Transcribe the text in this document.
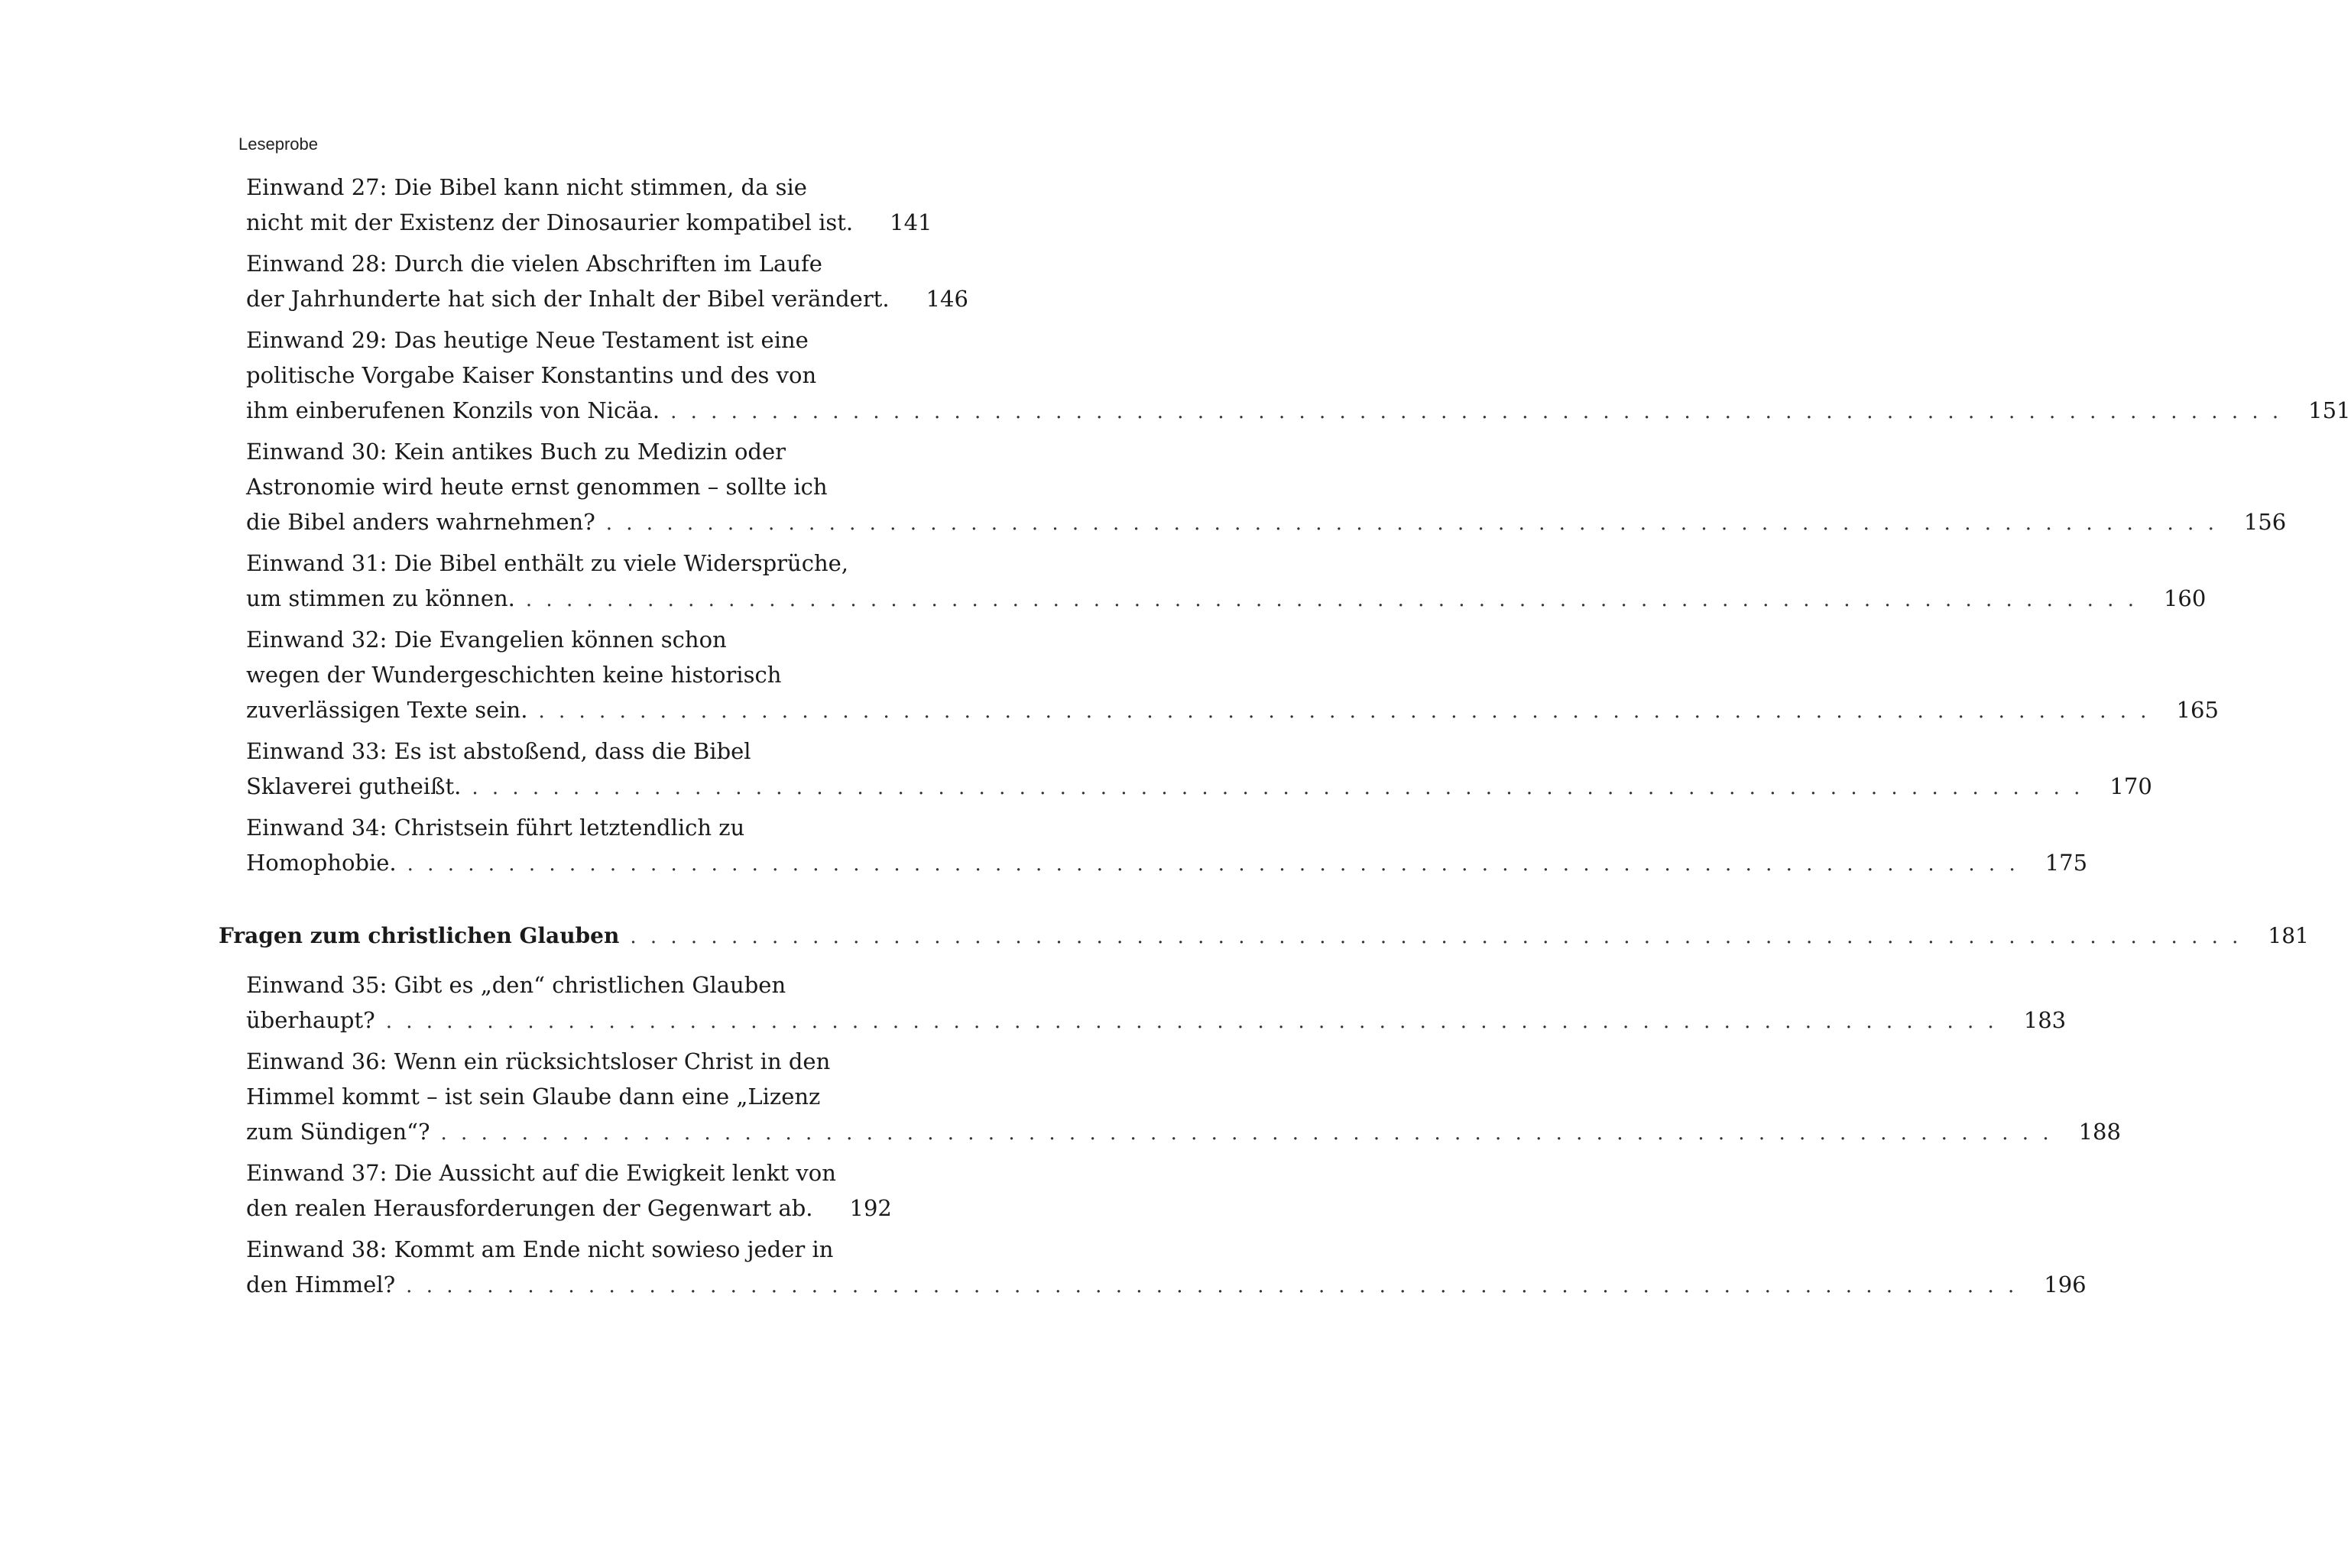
Leseprobe
Einwand 27: Die Bibel kann nicht stimmen, da sie
nicht mit der Existenz der Dinosaurier kompatibel ist. 141
Einwand 28: Durch die vielen Abschriften im Laufe
der Jahrhunderte hat sich der Inhalt der Bibel verändert. 146
Einwand 29: Das heutige Neue Testament ist eine
politische Vorgabe Kaiser Konstantins und des von
ihm einberufenen Konzils von Nicäa. . . . . . . . . . . . . . . . . . . . . . . . . . . . . . . . . . . . . . . . . . . . . . . . . . . . . . . . . . . . . . . . . . . . . . . . . . . . . . . . . 151
Einwand 30: Kein antikes Buch zu Medizin oder
Astronomie wird heute ernst genommen – sollte ich
die Bibel anders wahrnehmen? . . . . . . . . . . . . . . . . . . . . . . . . . . . . . . . . . . . . . . . . . . . . . . . . . . . . . . . . . . . . . . . . . . . . . . . . . . . . . . . . 156
Einwand 31: Die Bibel enthält zu viele Widersprüche,
um stimmen zu können. . . . . . . . . . . . . . . . . . . . . . . . . . . . . . . . . . . . . . . . . . . . . . . . . . . . . . . . . . . . . . . . . . . . . . . . . . . . . . . . . 160
Einwand 32: Die Evangelien können schon
wegen der Wundergeschichten keine historisch
zuverlässigen Texte sein. . . . . . . . . . . . . . . . . . . . . . . . . . . . . . . . . . . . . . . . . . . . . . . . . . . . . . . . . . . . . . . . . . . . . . . . . . . . . . . . . 165
Einwand 33: Es ist abstoßend, dass die Bibel
Sklaverei gutheißt. . . . . . . . . . . . . . . . . . . . . . . . . . . . . . . . . . . . . . . . . . . . . . . . . . . . . . . . . . . . . . . . . . . . . . . . . . . . . . . . . 170
Einwand 34: Christsein führt letztendlich zu
Homophobie. . . . . . . . . . . . . . . . . . . . . . . . . . . . . . . . . . . . . . . . . . . . . . . . . . . . . . . . . . . . . . . . . . . . . . . . . . . . . . . . . 175
Fragen zum christlichen Glauben . . . . . . . . . . . . . . . . . . . . . . . . . . . . . . . . . . . . . . . . . . . . . . . . . . . . . . . . . . . . . . . . . . . . . . . . . . . . . . . . 181
Einwand 35: Gibt es „den“ christlichen Glauben
überhaupt? . . . . . . . . . . . . . . . . . . . . . . . . . . . . . . . . . . . . . . . . . . . . . . . . . . . . . . . . . . . . . . . . . . . . . . . . . . . . . . . . 183
Einwand 36: Wenn ein rücksichtsloser Christ in den
Himmel kommt – ist sein Glaube dann eine „Lizenz
zum Sündigen“? . . . . . . . . . . . . . . . . . . . . . . . . . . . . . . . . . . . . . . . . . . . . . . . . . . . . . . . . . . . . . . . . . . . . . . . . . . . . . . . . 188
Einwand 37: Die Aussicht auf die Ewigkeit lenkt von
den realen Herausforderungen der Gegenwart ab. 192
Einwand 38: Kommt am Ende nicht sowieso jeder in
den Himmel? . . . . . . . . . . . . . . . . . . . . . . . . . . . . . . . . . . . . . . . . . . . . . . . . . . . . . . . . . . . . . . . . . . . . . . . . . . . . . . . . 196
